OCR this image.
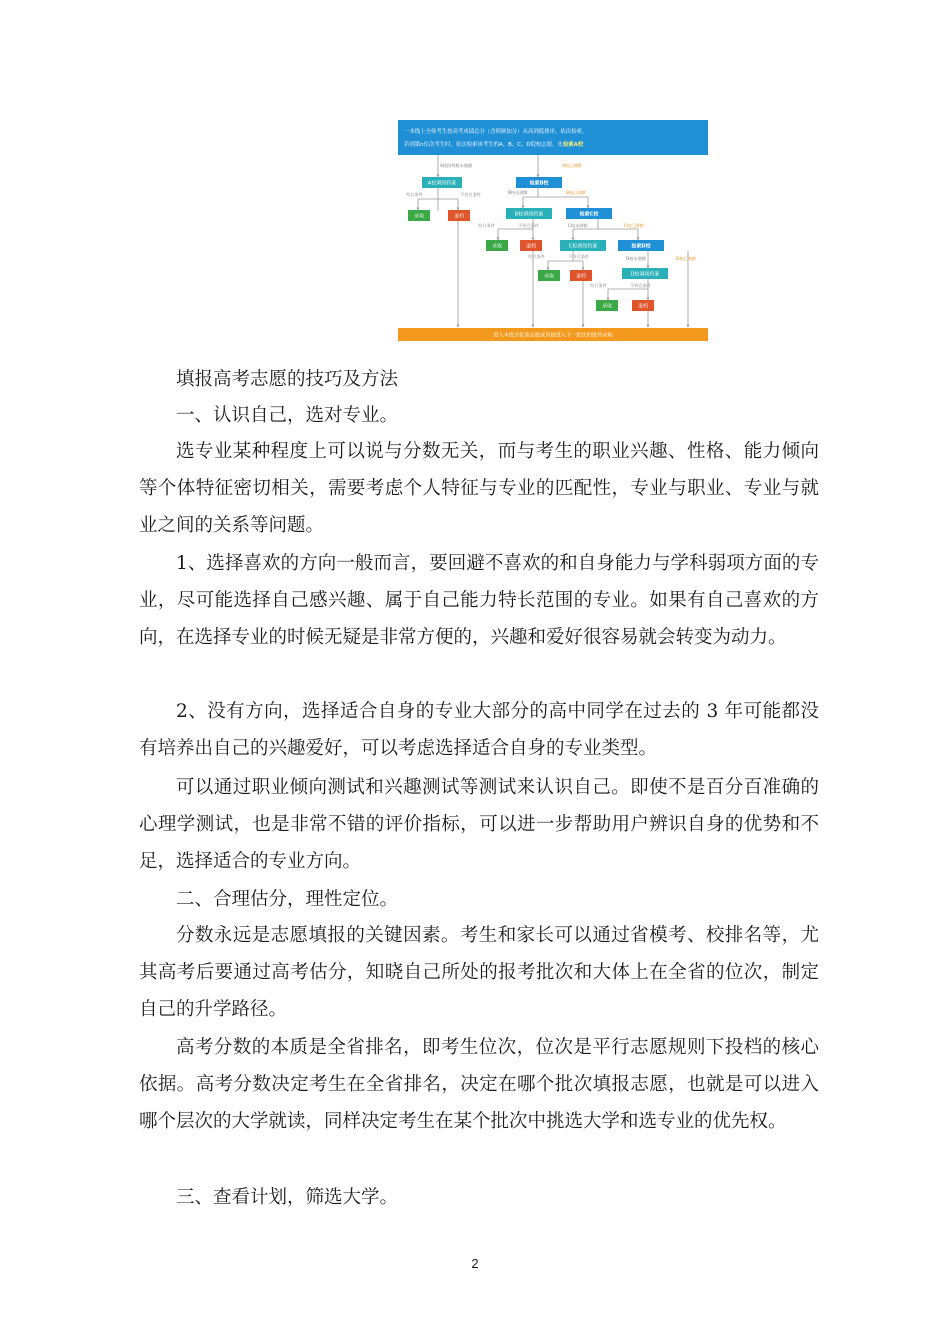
一本线上全体考生按高考成绩总分（含照顾加分）从高到低排序，依次检索。
若到第n位次考生时，依次检索该考生的A、B、C、D院校志愿，先检索A校
A校投档数未满额	A校已满额
符合条件	不符合条件	B校未满额	B校已满额
符合条件	不符合条件	C校未满额	C校已满额
符合条件	不符合条件	D校未满额	D校已满额
符合条件	不符合条件
A校调阅档案	检索B校
录取	退档	B校调阅档案	检索C校
录取	退档	C校调阅档案	检索D校
录取	退档	D校调阅档案
录取	退档
进入本批次征集志愿或直接进入下一批次的投档录取

填报高考志愿的技巧及方法

一、认识自己，选对专业。

选专业某种程度上可以说与分数无关，而与考生的职业兴趣、性格、能力倾向等个体特征密切相关，需要考虑个人特征与专业的匹配性，专业与职业、专业与就业之间的关系等问题。

1、选择喜欢的方向一般而言，要回避不喜欢的和自身能力与学科弱项方面的专业，尽可能选择自己感兴趣、属于自己能力特长范围的专业。如果有自己喜欢的方向，在选择专业的时候无疑是非常方便的，兴趣和爱好很容易就会转变为动力。

2、没有方向，选择适合自身的专业大部分的高中同学在过去的 3 年可能都没有培养出自己的兴趣爱好，可以考虑选择适合自身的专业类型。

可以通过职业倾向测试和兴趣测试等测试来认识自己。即使不是百分百准确的心理学测试，也是非常不错的评价指标，可以进一步帮助用户辨识自身的优势和不足，选择适合的专业方向。

二、合理估分，理性定位。

分数永远是志愿填报的关键因素。考生和家长可以通过省模考、校排名等，尤其高考后要通过高考估分，知晓自己所处的报考批次和大体上在全省的位次，制定自己的升学路径。

高考分数的本质是全省排名，即考生位次，位次是平行志愿规则下投档的核心依据。高考分数决定考生在全省排名，决定在哪个批次填报志愿，也就是可以进入哪个层次的大学就读，同样决定考生在某个批次中挑选大学和选专业的优先权。

三、查看计划，筛选大学。

2
